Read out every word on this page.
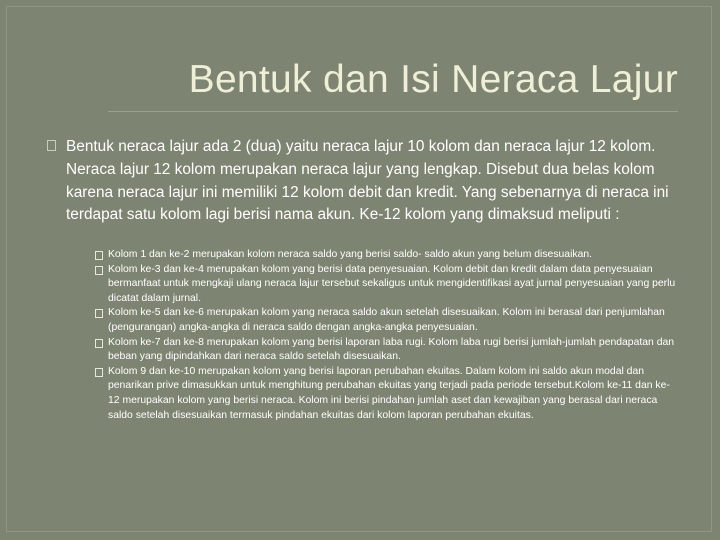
Bentuk dan Isi Neraca Lajur
Bentuk neraca lajur ada 2 (dua) yaitu neraca lajur 10 kolom dan neraca lajur 12 kolom. Neraca lajur 12 kolom merupakan neraca lajur yang lengkap. Disebut dua belas kolom karena neraca lajur ini memiliki 12 kolom debit dan kredit. Yang sebenarnya di neraca ini terdapat satu kolom lagi berisi nama akun. Ke-12 kolom yang dimaksud meliputi :
Kolom 1 dan ke-2 merupakan kolom neraca saldo yang berisi saldo- saldo akun yang belum disesuaikan.
Kolom ke-3 dan ke-4 merupakan kolom yang berisi data penyesuaian. Kolom debit dan kredit dalam data penyesuaian bermanfaat untuk mengkaji ulang neraca lajur tersebut sekaligus untuk mengidentifikasi ayat jurnal penyesuaian yang perlu dicatat dalam jurnal.
Kolom ke-5 dan ke-6 merupakan kolom yang neraca saldo akun setelah disesuaikan. Kolom ini berasal dari penjumlahan (pengurangan) angka-angka di neraca saldo dengan angka-angka penyesuaian.
Kolom ke-7 dan ke-8 merupakan kolom yang berisi laporan laba rugi. Kolom laba rugi berisi jumlah-jumlah pendapatan dan beban yang dipindahkan dari neraca saldo setelah disesuaikan.
Kolom 9 dan ke-10 merupakan kolom yang berisi laporan perubahan ekuitas. Dalam kolom ini saldo akun modal dan penarikan prive dimasukkan untuk menghitung perubahan ekuitas yang terjadi pada periode tersebut.Kolom ke-11 dan ke-12 merupakan kolom yang berisi neraca. Kolom ini berisi pindahan jumlah aset dan kewajiban yang berasal dari neraca saldo setelah disesuaikan termasuk pindahan ekuitas dari kolom laporan perubahan ekuitas.
